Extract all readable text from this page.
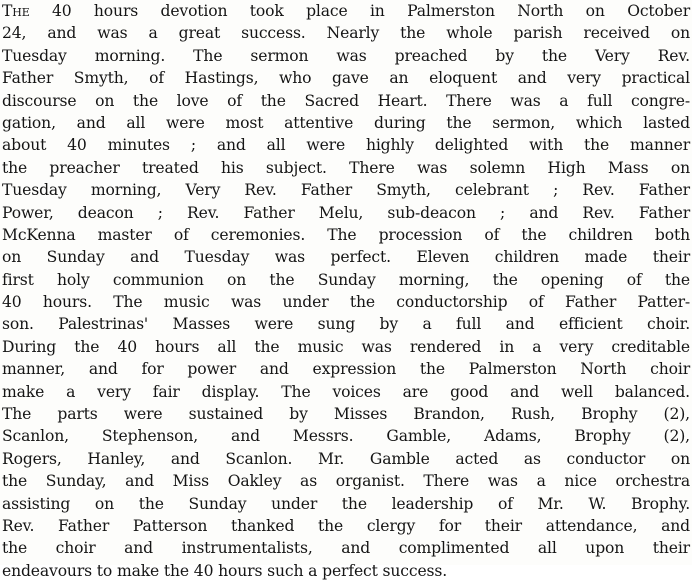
The 40 hours devotion took place in Palmerston North on October
24, and was a great success. Nearly the whole parish received on
Tuesday morning. The sermon was preached by the Very Rev.
Father Smyth, of Hastings, who gave an eloquent and very practical
discourse on the love of the Sacred Heart. There was a full congre-
gation, and all were most attentive during the sermon, which lasted
about 40 minutes ; and all were highly delighted with the manner
the preacher treated his subject. There was solemn High Mass on
Tuesday morning, Very Rev. Father Smyth, celebrant ; Rev. Father
Power, deacon ; Rev. Father Melu, sub-deacon ; and Rev. Father
McKenna master of ceremonies. The procession of the children both
on Sunday and Tuesday was perfect. Eleven children made their
first holy communion on the Sunday morning, the opening of the
40 hours. The music was under the conductorship of Father Patter-
son. Palestrinas' Masses were sung by a full and efficient choir.
During the 40 hours all the music was rendered in a very creditable
manner, and for power and expression the Palmerston North choir
make a very fair display. The voices are good and well balanced.
The parts were sustained by Misses Brandon, Rush, Brophy (2),
Scanlon, Stephenson, and Messrs. Gamble, Adams, Brophy (2),
Rogers, Hanley, and Scanlon. Mr. Gamble acted as conductor on
the Sunday, and Miss Oakley as organist. There was a nice orchestra
assisting on the Sunday under the leadership of Mr. W. Brophy.
Rev. Father Patterson thanked the clergy for their attendance, and
the choir and instrumentalists, and complimented all upon their
endeavours to make the 40 hours such a perfect success.
